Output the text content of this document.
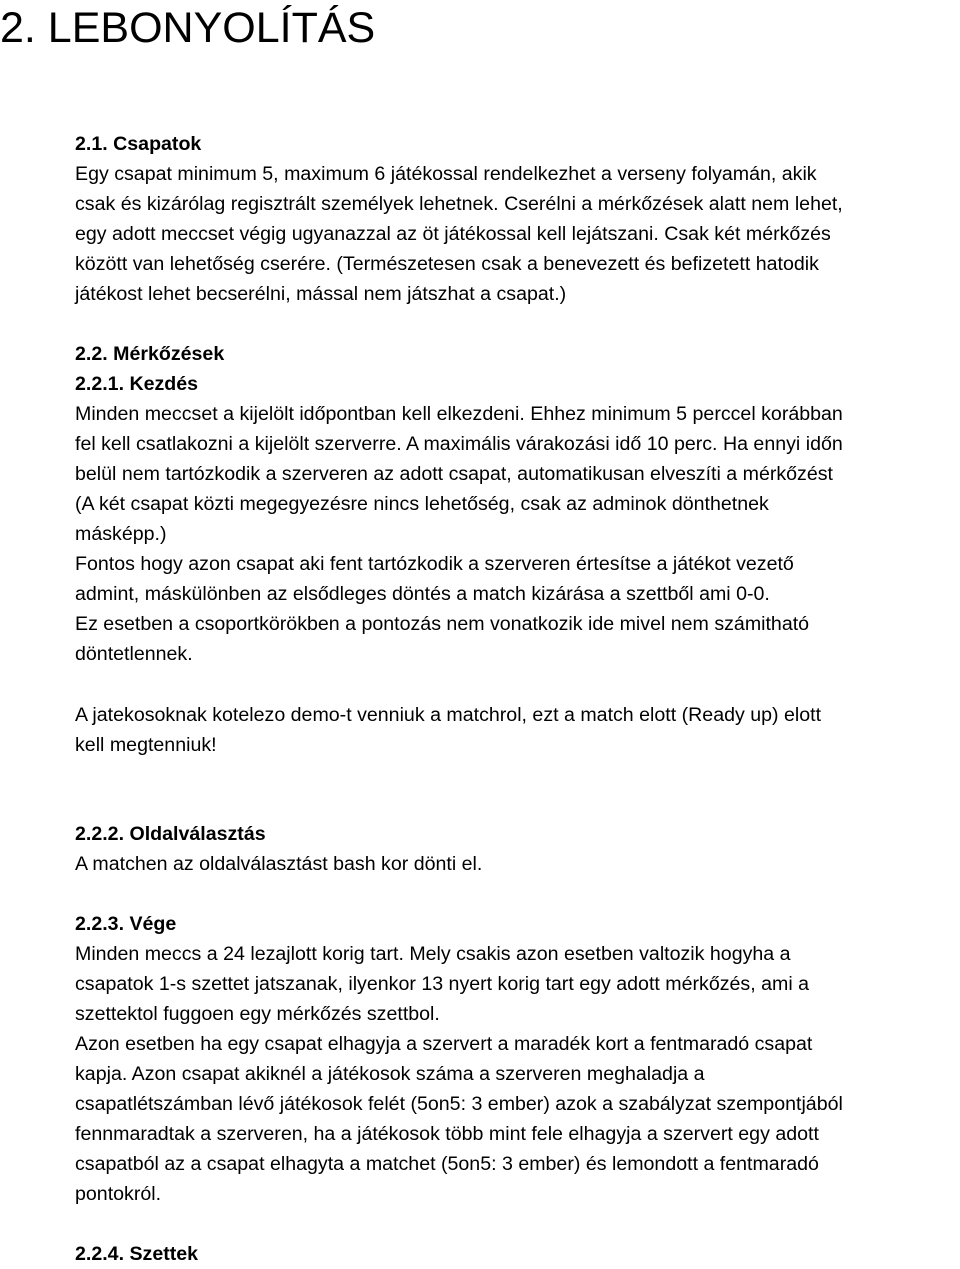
2. LEBONYOLÍTÁS
2.1. Csapatok
Egy csapat minimum 5, maximum 6 játékossal rendelkezhet a verseny folyamán, akik
csak és kizárólag regisztrált személyek lehetnek. Cserélni a mérkőzések alatt nem lehet,
egy adott meccset végig ugyanazzal az öt játékossal kell lejátszani. Csak két mérkőzés
között van lehetőség cserére. (Természetesen csak a benevezett és befizetett hatodik
játékost lehet becserélni, mással nem játszhat a csapat.)
2.2. Mérkőzések
2.2.1. Kezdés
Minden meccset a kijelölt időpontban kell elkezdeni. Ehhez minimum 5 perccel korábban
fel kell csatlakozni a kijelölt szerverre. A maximális várakozási idő 10 perc. Ha ennyi időn
belül nem tartózkodik a szerveren az adott csapat, automatikusan elveszíti a mérkőzést
(A két csapat közti megegyezésre nincs lehetőség, csak az adminok dönthetnek
másképp.)
Fontos hogy azon csapat aki fent tartózkodik a szerveren értesítse a játékot vezető
admint, máskülönben az elsődleges döntés a match kizárása a szettből ami 0-0.
Ez esetben a csoportkörökben a pontozás nem vonatkozik ide mivel nem számitható
döntetlennek.
A jatekosoknak kotelezo demo-t venniuk a matchrol, ezt a match elott (Ready up) elott
kell megtenniuk!
2.2.2. Oldalválasztás
A matchen az oldalválasztást bash kor dönti el.
2.2.3. Vége
Minden meccs a 24 lezajlott korig tart. Mely csakis azon esetben valtozik hogyha a
csapatok 1-s szettet jatszanak, ilyenkor 13 nyert korig tart egy adott mérkőzés, ami a
szettektol fuggoen egy mérkőzés szettbol.
Azon esetben ha egy csapat elhagyja a szervert a maradék kort a fentmaradó csapat
kapja. Azon csapat akiknél a játékosok száma a szerveren meghaladja a
csapatlétszámban lévő játékosok felét (5on5: 3 ember) azok a szabályzat szempontjából
fennmaradtak a szerveren, ha a játékosok több mint fele elhagyja a szervert egy adott
csapatból az a csapat elhagyta a matchet (5on5: 3 ember) és lemondott a fentmaradó
pontokról.
2.2.4. Szettek
